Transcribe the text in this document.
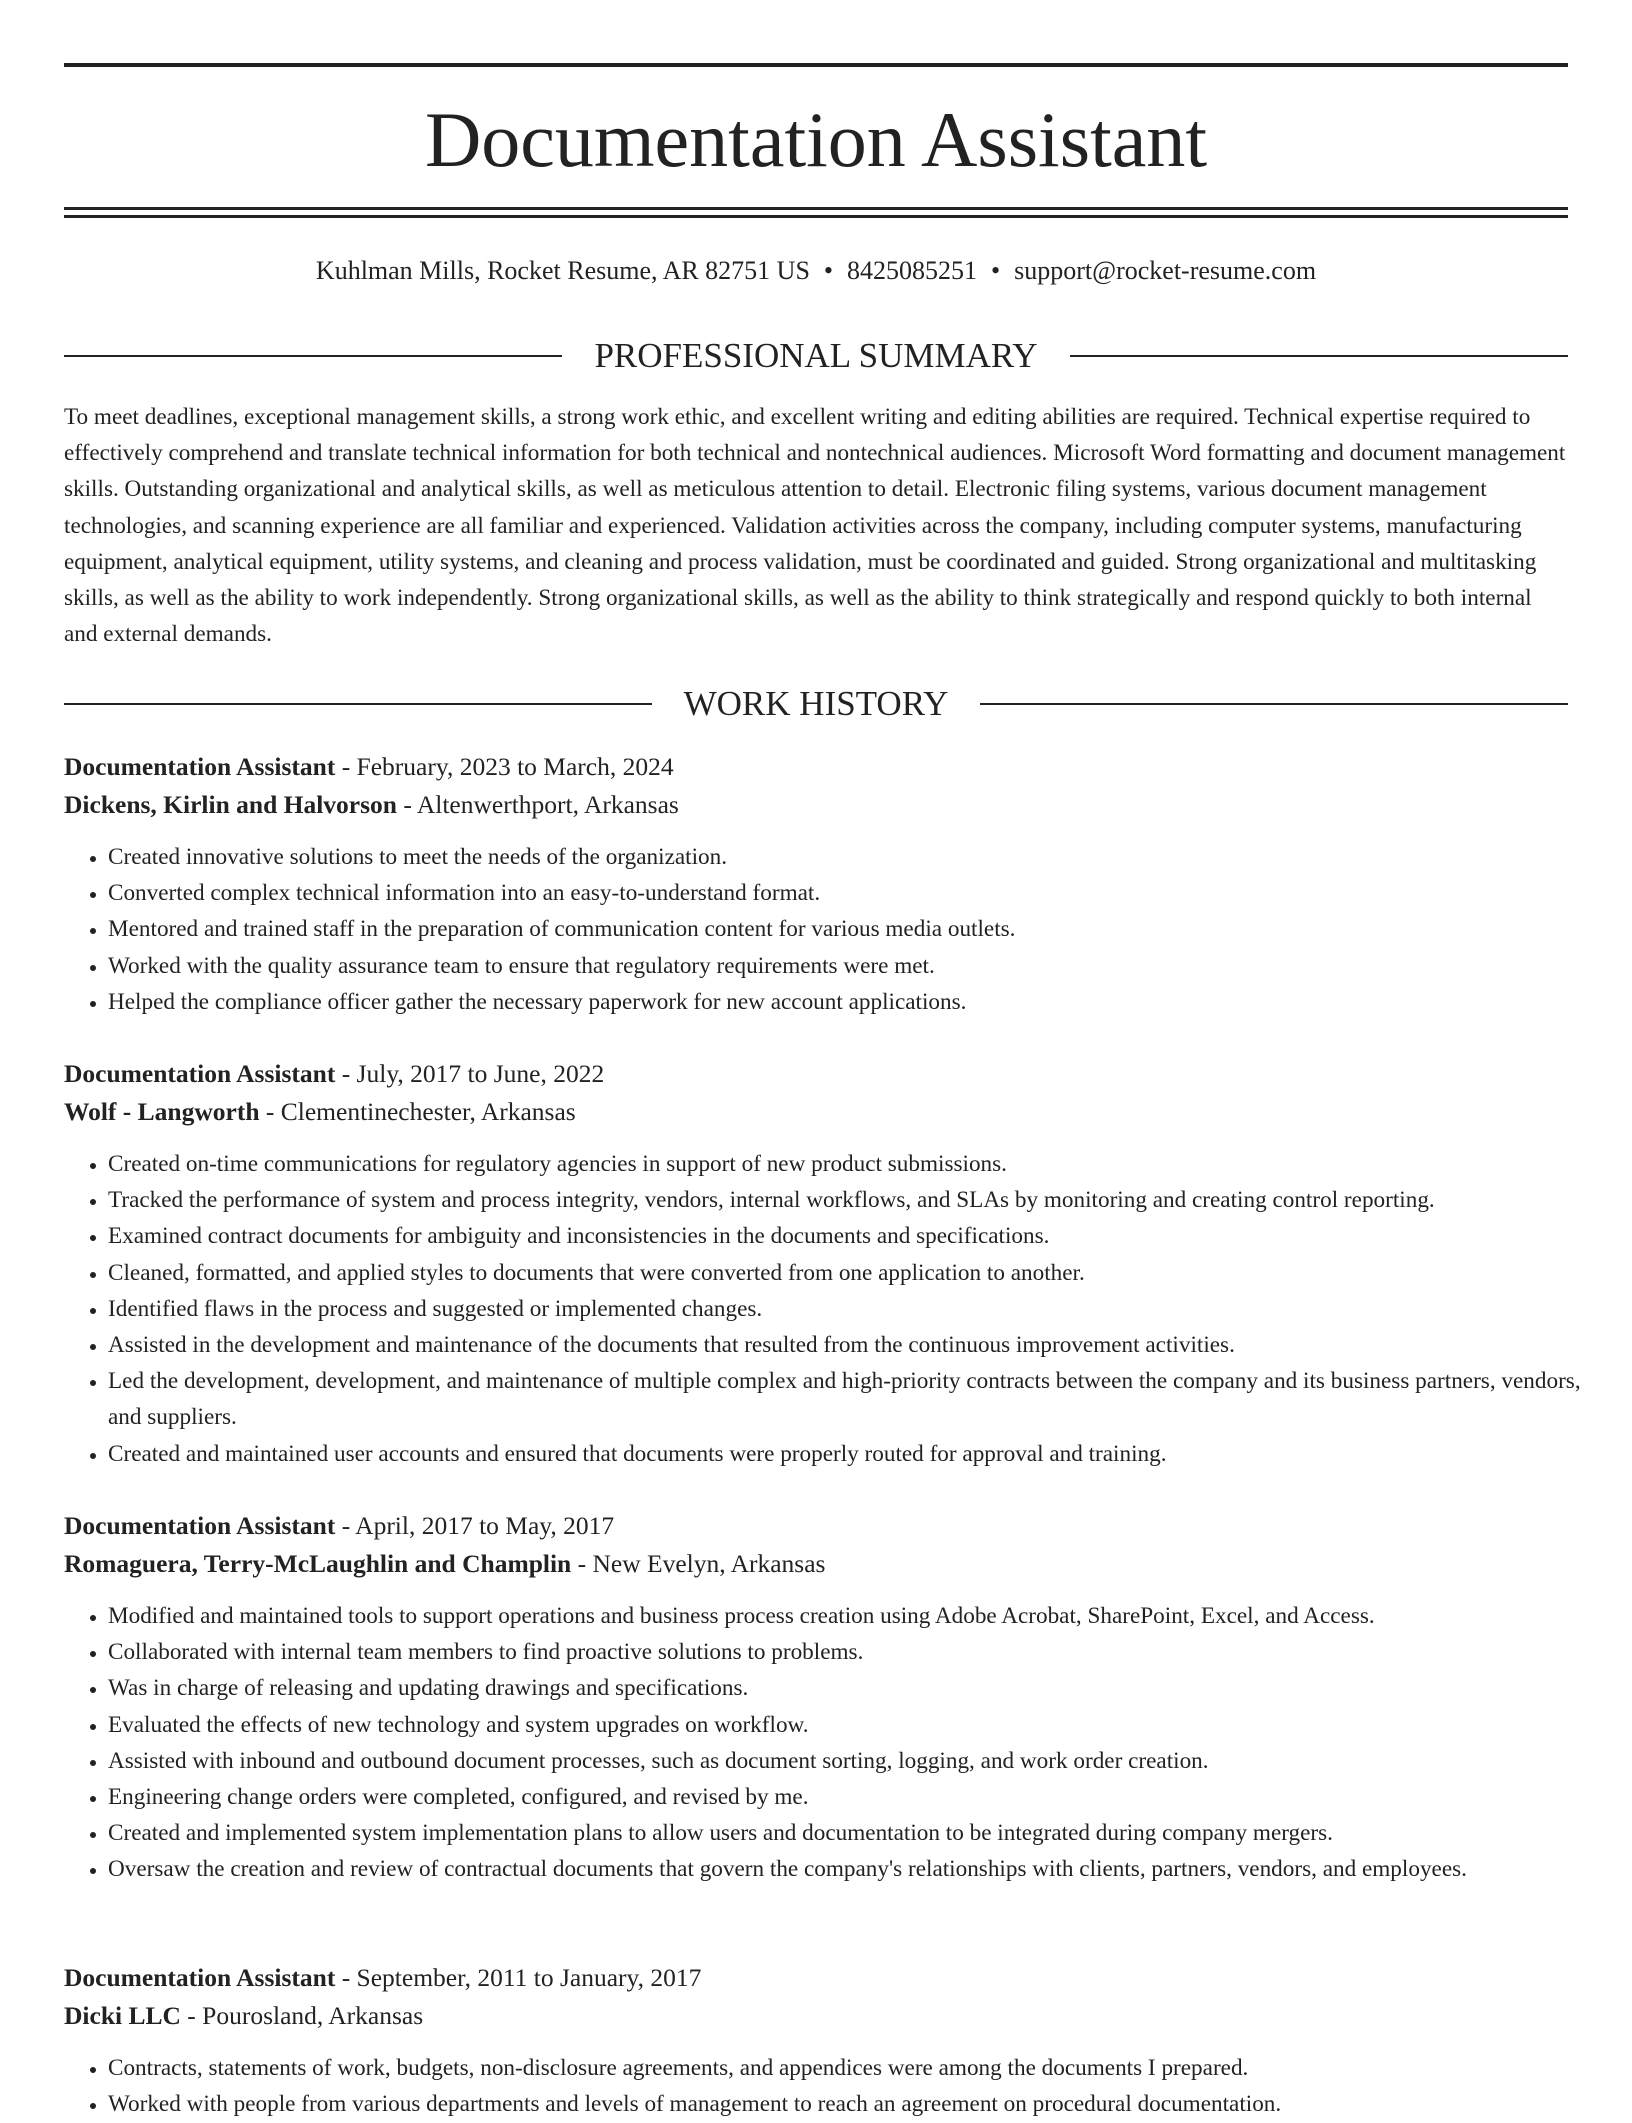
Documentation Assistant
Kuhlman Mills, Rocket Resume, AR 82751 US • 8425085251 • support@rocket-resume.com
PROFESSIONAL SUMMARY

To meet deadlines, exceptional management skills, a strong work ethic, and excellent writing and editing abilities are required. Technical expertise required to effectively comprehend and translate technical information for both technical and nontechnical audiences. Microsoft Word formatting and document management skills. Outstanding organizational and analytical skills, as well as meticulous attention to detail. Electronic filing systems, various document management technologies, and scanning experience are all familiar and experienced. Validation activities across the company, including computer systems, manufacturing equipment, analytical equipment, utility systems, and cleaning and process validation, must be coordinated and guided. Strong organizational and multitasking skills, as well as the ability to work independently. Strong organizational skills, as well as the ability to think strategically and respond quickly to both internal and external demands.

WORK HISTORY
Documentation Assistant - February, 2023 to March, 2024
Dickens, Kirlin and Halvorson - Altenwerthport, Arkansas
• Created innovative solutions to meet the needs of the organization.
• Converted complex technical information into an easy-to-understand format.
• Mentored and trained staff in the preparation of communication content for various media outlets.
• Worked with the quality assurance team to ensure that regulatory requirements were met.
• Helped the compliance officer gather the necessary paperwork for new account applications.
Documentation Assistant - July, 2017 to June, 2022
Wolf - Langworth - Clementinechester, Arkansas
• Created on-time communications for regulatory agencies in support of new product submissions.
• Tracked the performance of system and process integrity, vendors, internal workflows, and SLAs by monitoring and creating control reporting.
• Examined contract documents for ambiguity and inconsistencies in the documents and specifications.
• Cleaned, formatted, and applied styles to documents that were converted from one application to another.
• Identified flaws in the process and suggested or implemented changes.
• Assisted in the development and maintenance of the documents that resulted from the continuous improvement activities.
• Led the development, development, and maintenance of multiple complex and high-priority contracts between the company and its business partners, vendors, and suppliers.
• Created and maintained user accounts and ensured that documents were properly routed for approval and training.
Documentation Assistant - April, 2017 to May, 2017
Romaguera, Terry-McLaughlin and Champlin - New Evelyn, Arkansas
• Modified and maintained tools to support operations and business process creation using Adobe Acrobat, SharePoint, Excel, and Access.
• Collaborated with internal team members to find proactive solutions to problems.
• Was in charge of releasing and updating drawings and specifications.
• Evaluated the effects of new technology and system upgrades on workflow.
• Assisted with inbound and outbound document processes, such as document sorting, logging, and work order creation.
• Engineering change orders were completed, configured, and revised by me.
• Created and implemented system implementation plans to allow users and documentation to be integrated during company mergers.
• Oversaw the creation and review of contractual documents that govern the company's relationships with clients, partners, vendors, and employees.
Documentation Assistant - September, 2011 to January, 2017
Dicki LLC - Pourosland, Arkansas
• Contracts, statements of work, budgets, non-disclosure agreements, and appendices were among the documents I prepared.
• Worked with people from various departments and levels of management to reach an agreement on procedural documentation.
